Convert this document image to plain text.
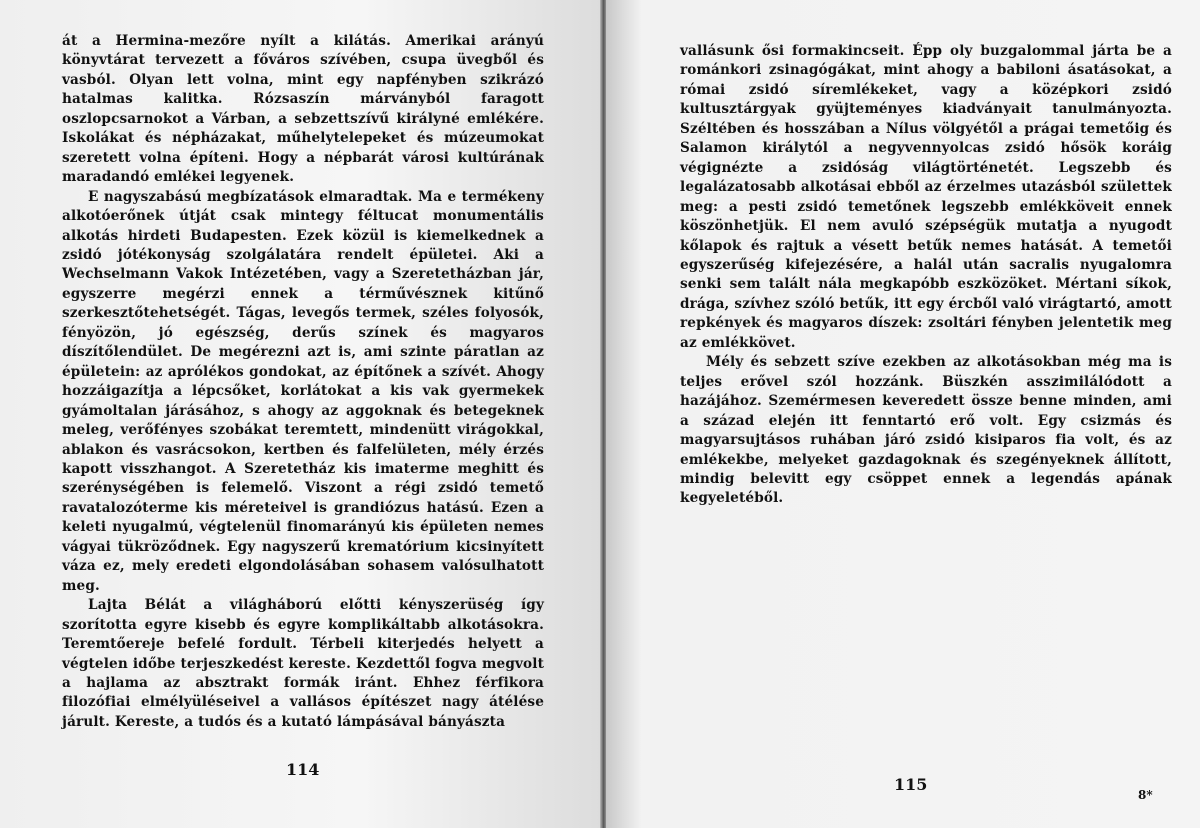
át a Hermina-mezőre nyílt a kilátás. Amerikai arányú könyvtárat tervezett a főváros szívében, csupa üvegből és vasból. Olyan lett volna, mint egy napfényben szikrázó hatalmas kalitka. Rózsaszín márványból faragott oszlopcsarnokot a Várban, a sebzettszívű királyné emlékére. Iskolákat és népházakat, műhelytelepeket és múzeumokat szeretett volna építeni. Hogy a népbarát városi kultúrának maradandó emlékei legyenek.

E nagyszabású megbízatások elmaradtak. Ma e termékeny alkotóerőnek útját csak mintegy féltucat monumentális alkotás hirdeti Budapesten. Ezek közül is kiemelkednek a zsidó jótékonyság szolgálatára rendelt épületei. Aki a Wechselmann Vakok Intézetében, vagy a Szeretetházban jár, egyszerre megérzi ennek a térművésznek kitűnő szerkesztőtehetségét. Tágas, levegős termek, széles folyosók, fényözön, jó egészség, derűs színek és magyaros díszítőlendület. De megérezni azt is, ami szinte páratlan az épületein: az aprólékos gondokat, az építőnek a szívét. Ahogy hozzáigazítja a lépcsőket, korlátokat a kis vak gyermekek gyámoltalan járásához, s ahogy az aggoknak és betegeknek meleg, verőfényes szobákat teremtett, mindenütt virágokkal, ablakon és vasrácsokon, kertben és falfelületen, mély érzés kapott visszhangot. A Szeretetház kis imaterme meghitt és szerénységében is felemelő. Viszont a régi zsidó temető ravatalozóterme kis méreteivel is grandiózus hatású. Ezen a keleti nyugalmú, végtelenül finomarányú kis épületen nemes vágyai tükröződnek. Egy nagyszerű krematórium kicsinyített váza ez, mely eredeti elgondolásában sohasem valósulhatott meg.

Lajta Bélát a világháború előtti kényszerüség így szorította egyre kisebb és egyre komplikáltabb alkotásokra. Teremtőereje befelé fordult. Térbeli kiterjedés helyett a végtelen időbe terjeszkedést kereste. Kezdettől fogva megvolt a hajlama az absztrakt formák iránt. Ehhez férfikora filozófiai elmélyüléseivel a vallásos építészet nagy átélése járult. Kereste, a tudós és a kutató lámpásával bányászta

114

vallásunk ősi formakincseit. Épp oly buzgalommal járta be a románkori zsinagógákat, mint ahogy a babiloni ásatásokat, a római zsidó síremlékeket, vagy a középkori zsidó kultusztárgyak gyüjteményes kiadványait tanulmányozta. Széltében és hosszában a Nílus völgyétől a prágai temetőig és Salamon királytól a negyvennyolcas zsidó hősök koráig végignézte a zsidóság világtörténetét. Legszebb és legalázatosabb alkotásai ebből az érzelmes utazásból születtek meg: a pesti zsidó temetőnek legszebb emlékköveit ennek köszönhetjük. El nem avuló szépségük mutatja a nyugodt kőlapok és rajtuk a vésett betűk nemes hatását. A temetői egyszerűség kifejezésére, a halál után sacralis nyugalomra senki sem talált nála megkapóbb eszközöket. Mértani síkok, drága, szívhez szóló betűk, itt egy ércből való virágtartó, amott repkények és magyaros díszek: zsoltári fényben jelentetik meg az emlékkövet.

Mély és sebzett szíve ezekben az alkotásokban még ma is teljes erővel szól hozzánk. Büszkén asszimilálódott a hazájához. Szemérmesen keveredett össze benne minden, ami a század elején itt fenntartó erő volt. Egy csizmás és magyarsujtásos ruhában járó zsidó kisiparos fia volt, és az emlékekbe, melyeket gazdagoknak és szegényeknek állított, mindig belevitt egy csöppet ennek a legendás apának kegyeletéből.

115
8*
